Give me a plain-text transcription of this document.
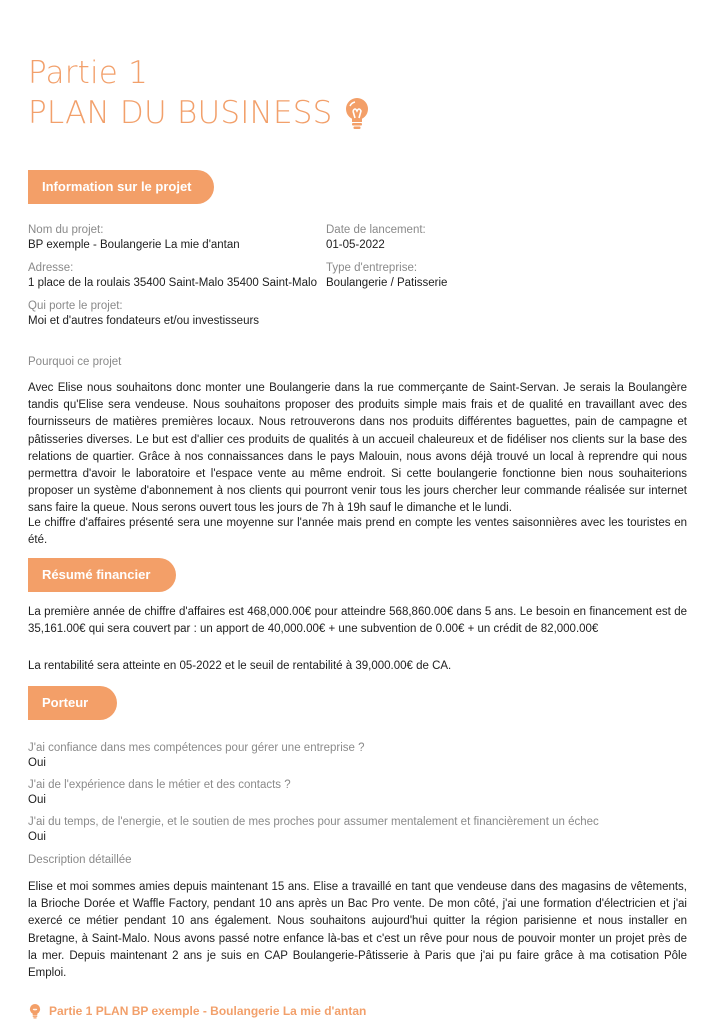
Partie 1
PLAN DU BUSINESS
Information sur le projet
Nom du projet:
BP exemple - Boulangerie La mie d'antan
Date de lancement:
01-05-2022
Adresse:
1 place de la roulais 35400 Saint-Malo 35400 Saint-Malo
Type d'entreprise:
Boulangerie / Patisserie
Qui porte le projet:
Moi et d'autres fondateurs et/ou investisseurs
Pourquoi ce projet
Avec Elise nous souhaitons donc monter une Boulangerie dans la rue commerçante de Saint-Servan. Je serais la Boulangère tandis qu'Elise sera vendeuse. Nous souhaitons proposer des produits simple mais frais et de qualité en travaillant avec des fournisseurs de matières premières locaux. Nous retrouverons dans nos produits différentes baguettes, pain de campagne et pâtisseries diverses. Le but est d'allier ces produits de qualités à un accueil chaleureux et de fidéliser nos clients sur la base des relations de quartier. Grâce à nos connaissances dans le pays Malouin, nous avons déjà trouvé un local à reprendre qui nous permettra d'avoir le laboratoire et l'espace vente au même endroit. Si cette boulangerie fonctionne bien nous souhaiterions proposer un système d'abonnement à nos clients qui pourront venir tous les jours chercher leur commande réalisée sur internet sans faire la queue. Nous serons ouvert tous les jours de 7h à 19h sauf le dimanche et le lundi.
Le chiffre d'affaires présenté sera une moyenne sur l'année mais prend en compte les ventes saisonnières avec les touristes en été.
Résumé financier
La première année de chiffre d'affaires est 468,000.00€ pour atteindre 568,860.00€ dans 5 ans. Le besoin en financement est de 35,161.00€ qui sera couvert par : un apport de 40,000.00€ + une subvention de 0.00€ + un crédit de 82,000.00€
La rentabilité sera atteinte en 05-2022 et le seuil de rentabilité à 39,000.00€ de CA.
Porteur
J'ai confiance dans mes compétences pour gérer une entreprise ?
Oui
J'ai de l'expérience dans le métier et des contacts ?
Oui
J'ai du temps, de l'energie, et le soutien de mes proches pour assumer mentalement et financièrement un échec
Oui
Description détaillée
Elise et moi sommes amies depuis maintenant 15 ans. Elise a travaillé en tant que vendeuse dans des magasins de vêtements, la Brioche Dorée et Waffle Factory, pendant 10 ans après un Bac Pro vente. De mon côté, j'ai une formation d'électricien et j'ai exercé ce métier pendant 10 ans également. Nous souhaitons aujourd'hui quitter la région parisienne et nous installer en Bretagne, à Saint-Malo. Nous avons passé notre enfance là-bas et c'est un rêve pour nous de pouvoir monter un projet près de la mer. Depuis maintenant 2 ans je suis en CAP Boulangerie-Pâtisserie à Paris que j'ai pu faire grâce à ma cotisation Pôle Emploi.
Partie 1 PLAN BP exemple - Boulangerie La mie d'antan
